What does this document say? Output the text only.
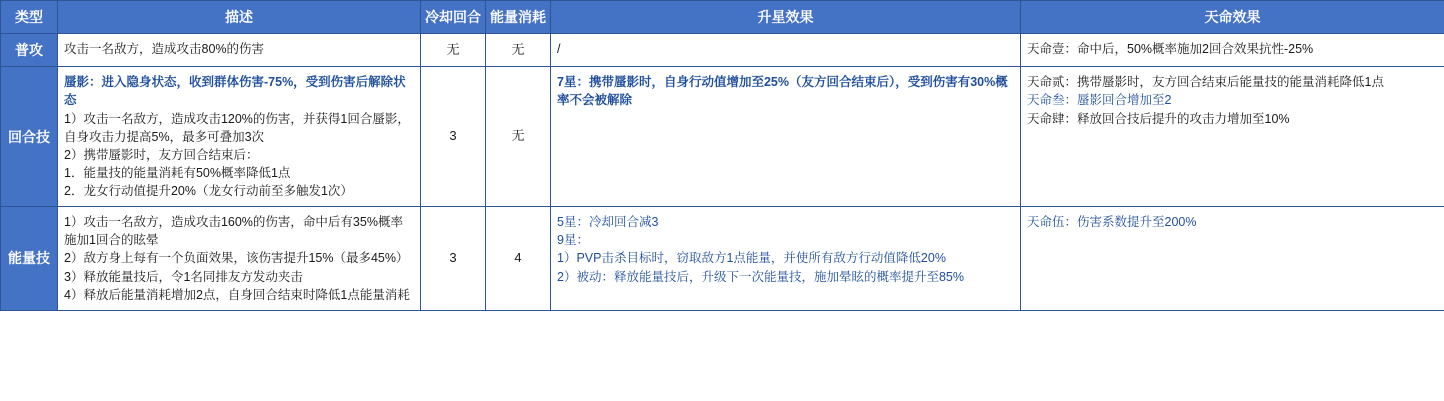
类型	描述	冷却回合	能量消耗	升星效果	天命效果
普攻	攻击一名敌方，造成攻击80%的伤害	无	无	/	天命壹：命中后，50%概率施加2回合效果抗性-25%

回合技	蜃影：进入隐身状态，收到群体伤害-75%，受到伤害后解除状态
1）攻击一名敌方，造成攻击120%的伤害，并获得1回合蜃影，自身攻击力提高5%，最多可叠加3次
2）携带蜃影时，友方回合结束后：
1．能量技的能量消耗有50%概率降低1点
2．龙女行动值提升20%（龙女行动前至多触发1次）	3	无	7星：携带蜃影时，自身行动值增加至25%（友方回合结束后），受到伤害有30%概率不会被解除	天命贰：携带蜃影时，友方回合结束后能量技的能量消耗降低1点
天命叁：蜃影回合增加至2
天命肆：释放回合技后提升的攻击力增加至10%

能量技	1）攻击一名敌方，造成攻击160%的伤害，命中后有35%概率施加1回合的眩晕
2）敌方身上每有一个负面效果，该伤害提升15%（最多45%）
3）释放能量技后，令1名同排友方发动夹击
4）释放后能量消耗增加2点，自身回合结束时降低1点能量消耗	3	4	5星：冷却回合减3
9星：
1）PVP击杀目标时，窃取敌方1点能量，并使所有敌方行动值降低20%
2）被动：释放能量技后，升级下一次能量技，施加晕眩的概率提升至85%	天命伍：伤害系数提升至200%
